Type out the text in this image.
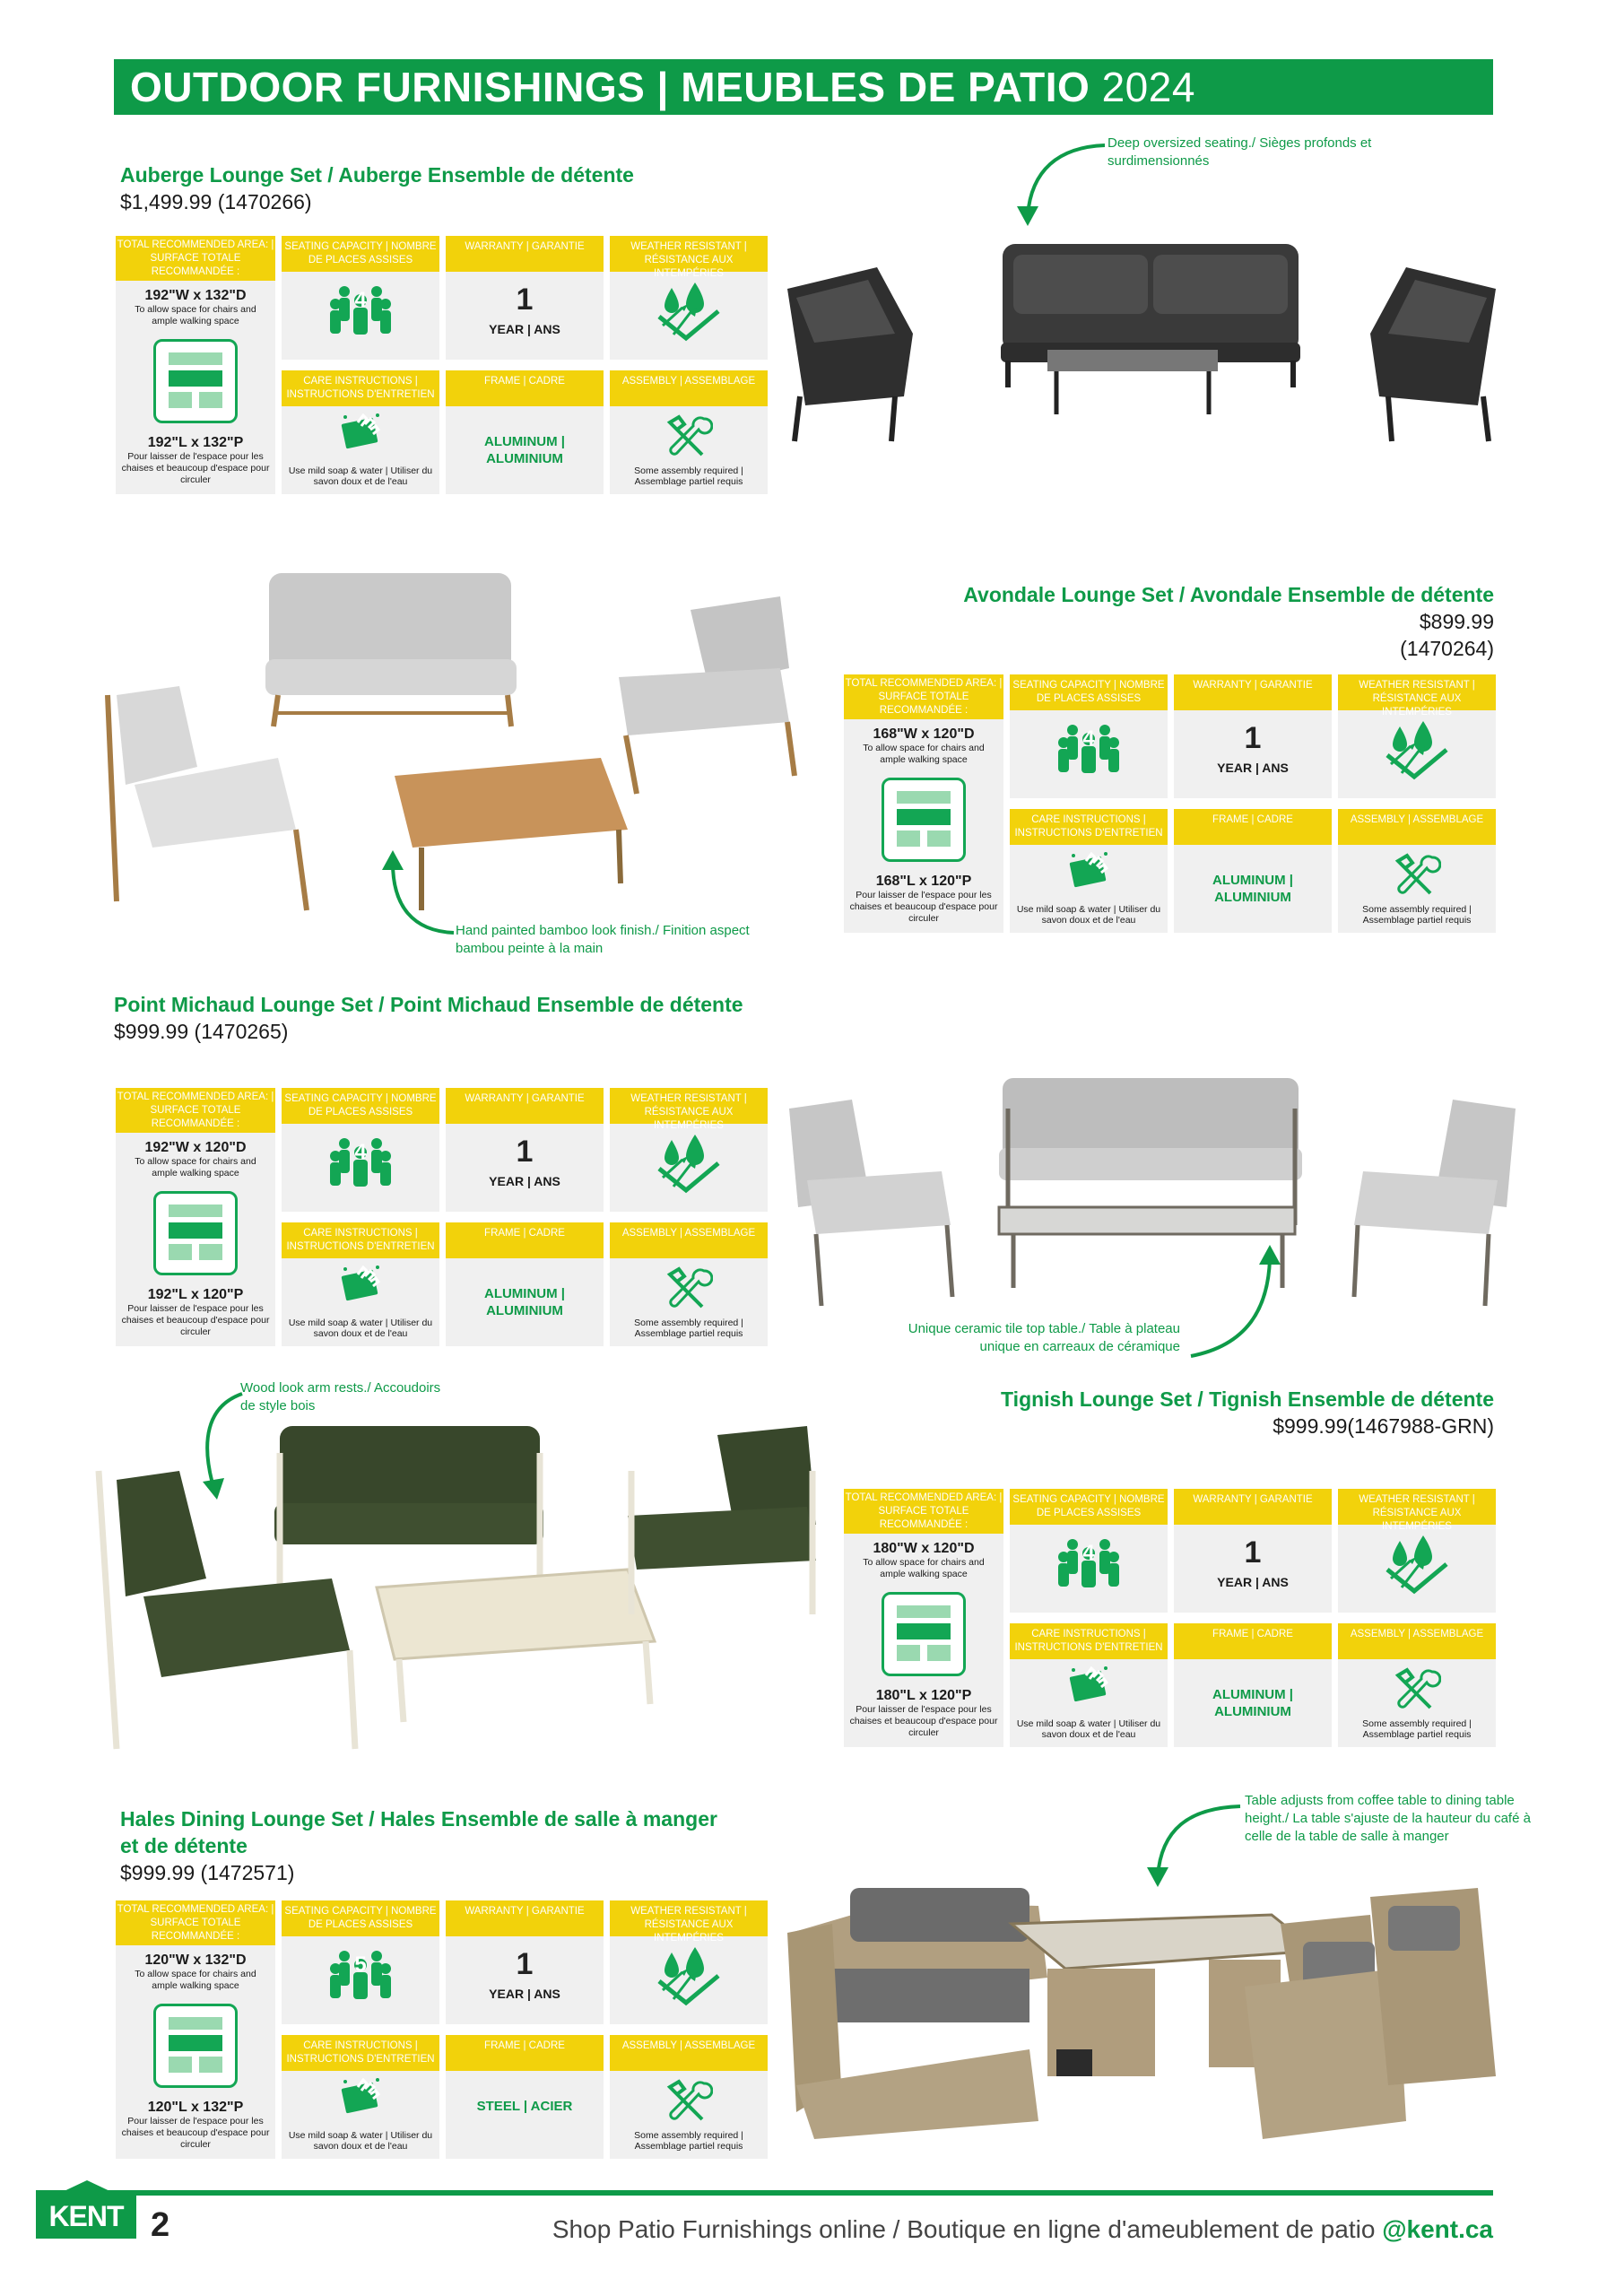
OUTDOOR FURNISHINGS | MEUBLES DE PATIO 2024
Auberge Lounge Set / Auberge Ensemble de détente
$1,499.99 (1470266)
TOTAL RECOMMENDED AREA: | SURFACE TOTALE RECOMMANDÉE :
192"W x 132"D
To allow space for chairs and ample walking space
192"L x 132"P
Pour laisser de l'espace pour les chaises et beaucoup d'espace pour circuler
SEATING CAPACITY | NOMBRE DE PLACES ASSISES
4
WARRANTY | GARANTIE
1
YEAR | ANS
WEATHER RESISTANT | RÉSISTANCE AUX INTEMPÉRIES
CARE INSTRUCTIONS | INSTRUCTIONS D'ENTRETIEN
Use mild soap & water | Utiliser du savon doux et de l'eau
FRAME | CADRE
ALUMINUM | ALUMINIUM
ASSEMBLY | ASSEMBLAGE
Some assembly required | Assemblage partiel requis
Deep oversized seating./ Sièges profonds et surdimensionnés
Avondale Lounge Set / Avondale Ensemble de détente
$899.99
(1470264)
TOTAL RECOMMENDED AREA: | SURFACE TOTALE RECOMMANDÉE :
168"W x 120"D
To allow space for chairs and ample walking space
168"L x 120"P
Pour laisser de l'espace pour les chaises et beaucoup d'espace pour circuler
SEATING CAPACITY | NOMBRE DE PLACES ASSISES
4
WARRANTY | GARANTIE
1
YEAR | ANS
WEATHER RESISTANT | RÉSISTANCE AUX INTEMPÉRIES
CARE INSTRUCTIONS | INSTRUCTIONS D'ENTRETIEN
Use mild soap & water | Utiliser du savon doux et de l'eau
FRAME | CADRE
ALUMINUM | ALUMINIUM
ASSEMBLY | ASSEMBLAGE
Some assembly required | Assemblage partiel requis
Hand painted bamboo look finish./ Finition aspect bambou peinte à la main
Point Michaud Lounge Set / Point Michaud Ensemble de détente
$999.99 (1470265)
TOTAL RECOMMENDED AREA: | SURFACE TOTALE RECOMMANDÉE :
192"W x 120"D
To allow space for chairs and ample walking space
192"L x 120"P
Pour laisser de l'espace pour les chaises et beaucoup d'espace pour circuler
SEATING CAPACITY | NOMBRE DE PLACES ASSISES
4
WARRANTY | GARANTIE
1
YEAR | ANS
WEATHER RESISTANT | RÉSISTANCE AUX INTEMPÉRIES
CARE INSTRUCTIONS | INSTRUCTIONS D'ENTRETIEN
Use mild soap & water | Utiliser du savon doux et de l'eau
FRAME | CADRE
ALUMINUM | ALUMINIUM
ASSEMBLY | ASSEMBLAGE
Some assembly required | Assemblage partiel requis	Unique ceramic tile top table./ Table à plateau unique en carreaux de céramique
Tignish Lounge Set / Tignish Ensemble de détente
$999.99(1467988-GRN)
TOTAL RECOMMENDED AREA: | SURFACE TOTALE RECOMMANDÉE :
180"W x 120"D
To allow space for chairs and ample walking space
180"L x 120"P
Pour laisser de l'espace pour les chaises et beaucoup d'espace pour circuler
SEATING CAPACITY | NOMBRE DE PLACES ASSISES
4
WARRANTY | GARANTIE
1
YEAR | ANS
WEATHER RESISTANT | RÉSISTANCE AUX INTEMPÉRIES
CARE INSTRUCTIONS | INSTRUCTIONS D'ENTRETIEN
Use mild soap & water | Utiliser du savon doux et de l'eau
FRAME | CADRE
ALUMINUM | ALUMINIUM
ASSEMBLY | ASSEMBLAGE
Some assembly required | Assemblage partiel requis
Wood look arm rests./ Accoudoirs de style bois
Hales Dining Lounge Set / Hales Ensemble de salle à manger et de détente
$999.99 (1472571)
TOTAL RECOMMENDED AREA: | SURFACE TOTALE RECOMMANDÉE :
120"W x 132"D
To allow space for chairs and ample walking space
120"L x 132"P
Pour laisser de l'espace pour les chaises et beaucoup d'espace pour circuler
SEATING CAPACITY | NOMBRE DE PLACES ASSISES
5
WARRANTY | GARANTIE
1
YEAR | ANS
WEATHER RESISTANT | RÉSISTANCE AUX INTEMPÉRIES
CARE INSTRUCTIONS | INSTRUCTIONS D'ENTRETIEN
Use mild soap & water | Utiliser du savon doux et de l'eau
FRAME | CADRE
STEEL | ACIER
ASSEMBLY | ASSEMBLAGE
Some assembly required | Assemblage partiel requis
Table adjusts from coffee table to dining table height./ La table s'ajuste de la hauteur du café à celle de la table de salle à manger
KENT 2	Shop Patio Furnishings online / Boutique en ligne d'ameublement de patio @kent.ca
